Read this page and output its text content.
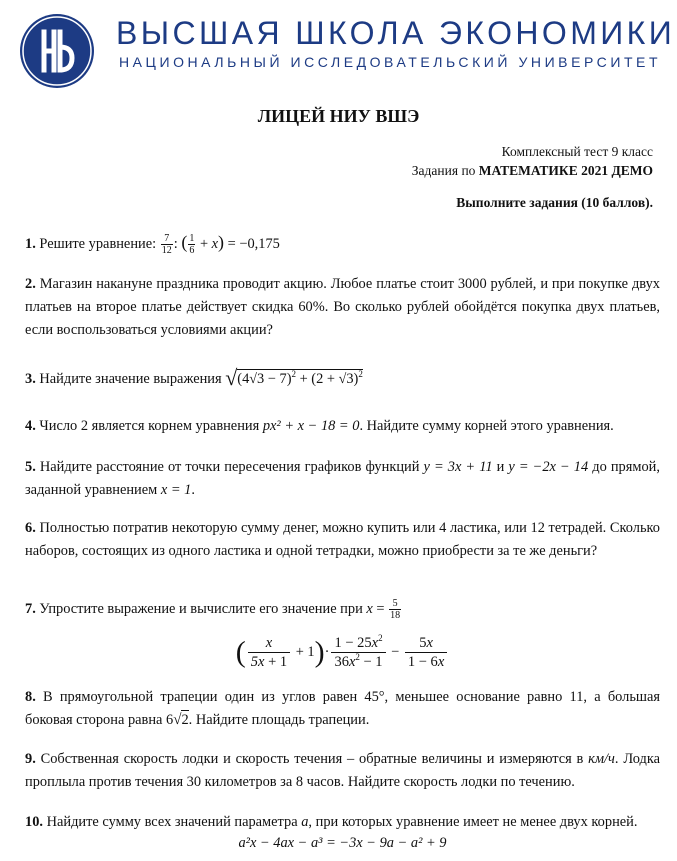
ВЫСШАЯ ШКОЛА ЭКОНОМИКИ
НАЦИОНАЛЬНЫЙ ИССЛЕДОВАТЕЛЬСКИЙ УНИВЕРСИТЕТ
ЛИЦЕЙ НИУ ВШЭ
Комплексный тест 9 класс
Задания по МАТЕМАТИКЕ 2021 ДЕМО
Выполните задания (10 баллов).
1. Решите уравнение: $\frac{7}{12}$ : ( $\frac{1}{6} + x) = -0,175$
2. Магазин накануне праздника проводит акцию. Любое платье стоит 3000 рублей, и при покупке двух платьев на второе платье действует скидка 60%. Во сколько рублей обойдётся покупка двух платьев, если воспользоваться условиями акции?
3. Найдите значение выражения $√(4√3 - 7)^2 + (2 + √3)^2$
4. Число 2 является корнем уравнения px² + x − 18 = 0. Найдите сумму корней этого уравнения.
5. Найдите расстояние от точки пересечения графиков функций y = 3x + 11 и y = −2x − 14 до прямой, заданной уравнением x = 1.
6. Полностью потратив некоторую сумму денег, можно купить или 4 ластика, или 12 тетрадей. Сколько наборов, состоящих из одного ластика и одной тетрадки, можно приобрести за те же деньги?
7. Упростите выражение и вычислите его значение при $x = \frac{5}{18}$
( $\frac{x}{5x + 1} + 1)\cdot \frac{1 - 25x^2}{36x^2 - 1} - \frac{5x}{1 - 6x}$
8. В прямоугольной трапеции один из углов равен 45°, меньшее основание равно 11, а большая боковая сторона равна 6√2. Найдите площадь трапеции.
9. Собственная скорость лодки и скорость течения – обратные величины и измеряются в км/ч. Лодка проплыла против течения 30 километров за 8 часов. Найдите скорость лодки по течению.
10. Найдите сумму всех значений параметра a, при которых уравнение имеет не менее двух корней.
a²x − 4ax − a³ = −3x − 9a − a² + 9
